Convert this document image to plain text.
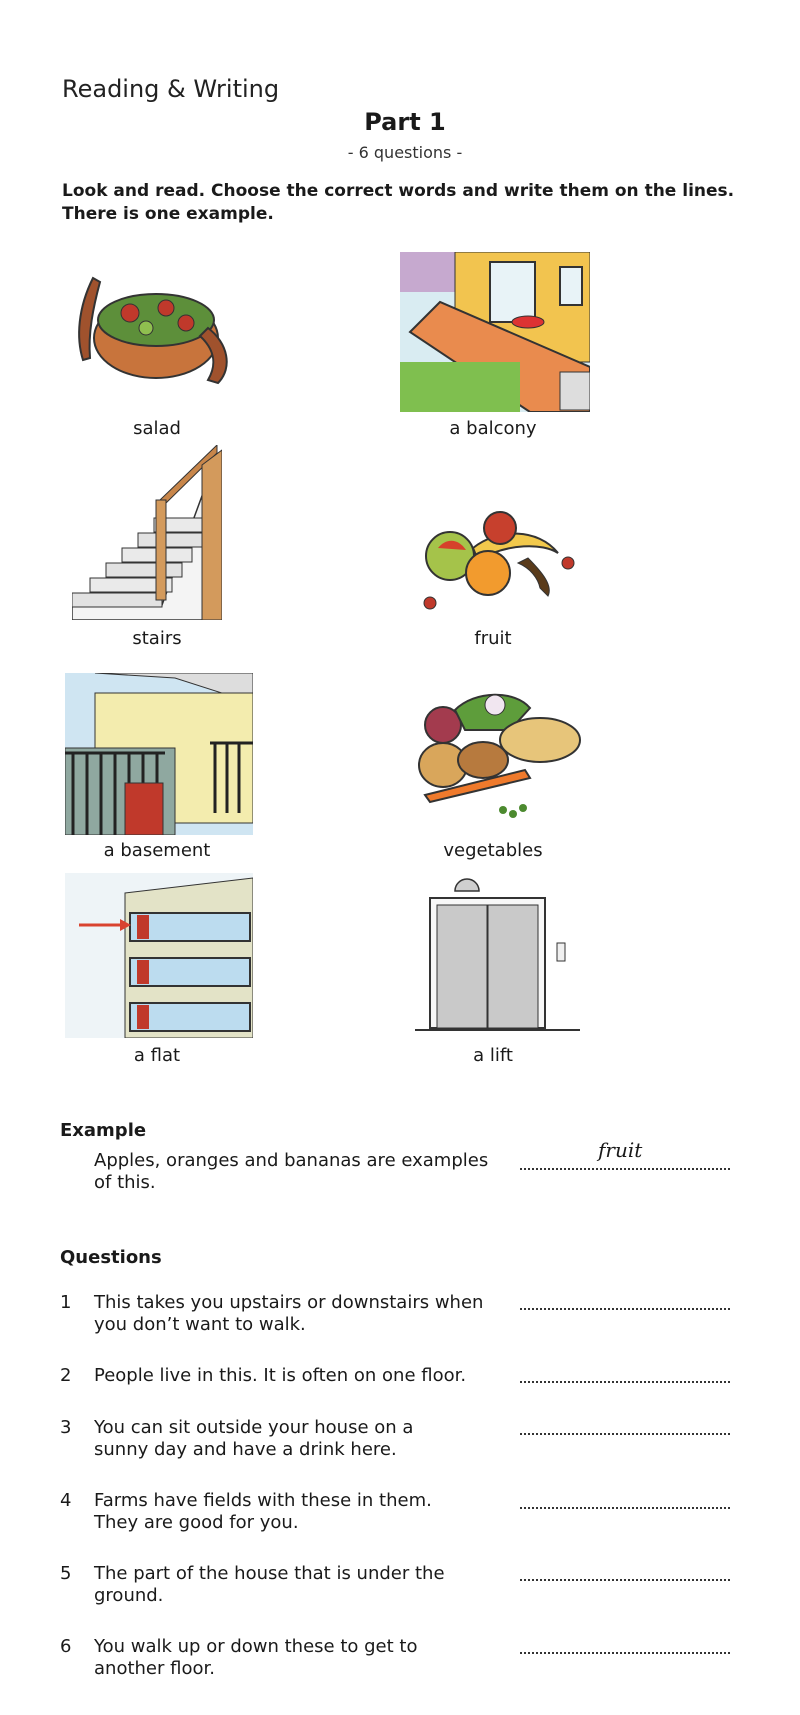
Reading & Writing
Part 1
- 6 questions -
Look and read. Choose the correct words and write them on the lines. There is one example.
salad	a balcony
stairs	fruit
a basement	vegetables
a flat	a lift
Example
Apples, oranges and bananas are examples of this.
fruit
Questions
1 This takes you upstairs or downstairs when you don’t want to walk.
2 People live in this. It is often on one floor.
3 You can sit outside your house on a sunny day and have a drink here.
4 Farms have fields with these in them. They are good for you.
5 The part of the house that is under the ground.
6 You walk up or down these to get to another floor.
